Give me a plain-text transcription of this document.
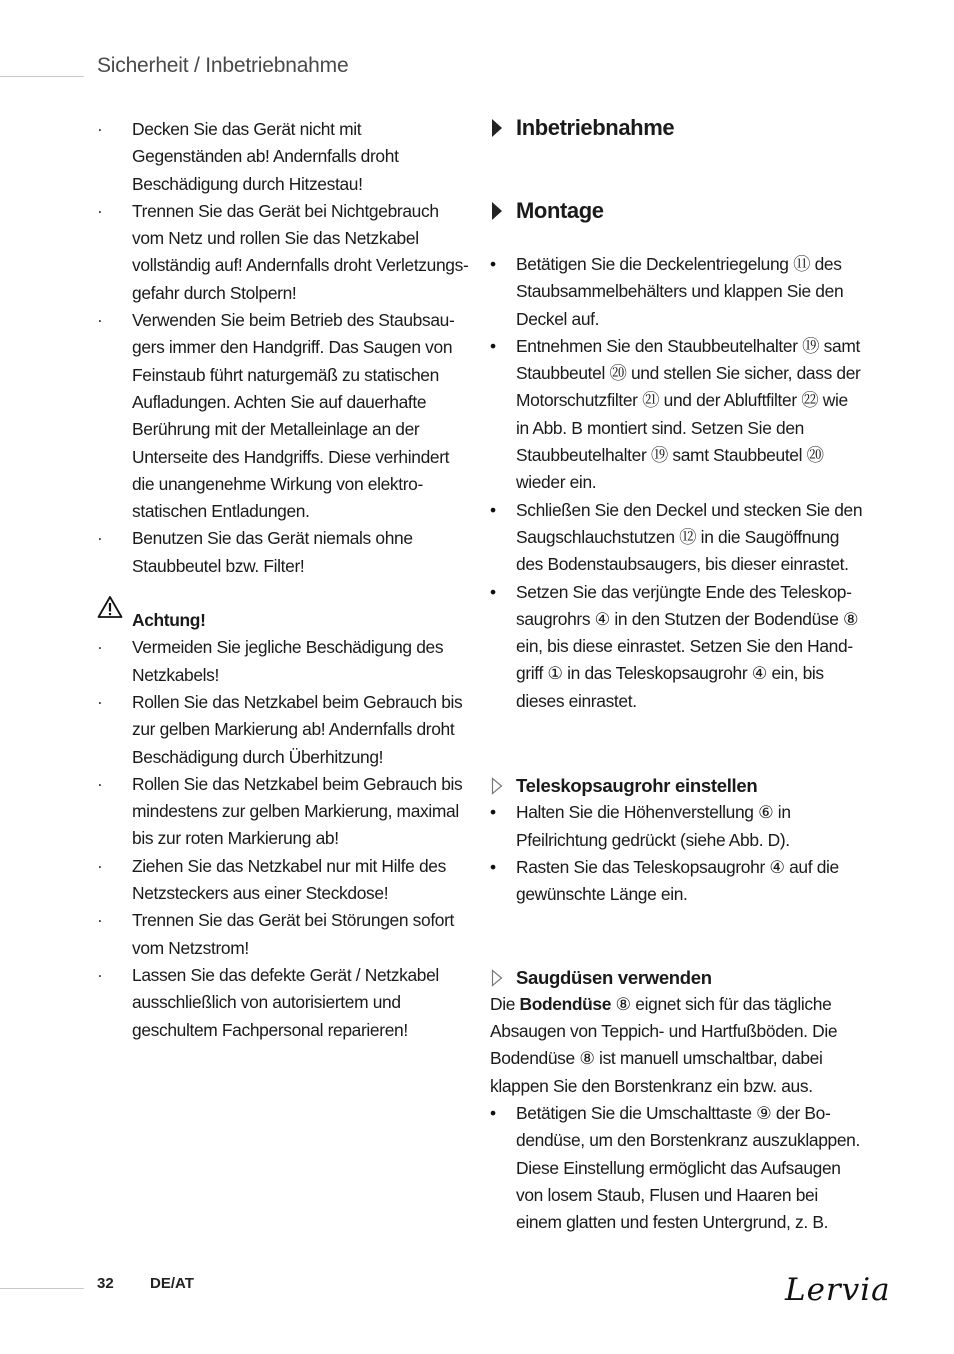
Sicherheit / Inbetriebnahme
· Decken Sie das Gerät nicht mit Gegenständen ab! Andernfalls droht Beschädigung durch Hitzestau!
· Trennen Sie das Gerät bei Nichtgebrauch vom Netz und rollen Sie das Netzkabel vollständig auf! Andernfalls droht Verletzungs-gefahr durch Stolpern!
· Verwenden Sie beim Betrieb des Staubsau-gers immer den Handgriff. Das Saugen von Feinstaub führt naturgemäß zu statischen Aufladungen. Achten Sie auf dauerhafte Berührung mit der Metalleinlage an der Unterseite des Handgriffs. Diese verhindert die unangenehme Wirkung von elektro-statischen Entladungen.
· Benutzen Sie das Gerät niemals ohne Staubbeutel bzw. Filter!
Achtung!
· Vermeiden Sie jegliche Beschädigung des Netzkabels!
· Rollen Sie das Netzkabel beim Gebrauch bis zur gelben Markierung ab! Andernfalls droht Beschädigung durch Überhitzung!
· Rollen Sie das Netzkabel beim Gebrauch bis mindestens zur gelben Markierung, maximal bis zur roten Markierung ab!
· Ziehen Sie das Netzkabel nur mit Hilfe des Netzsteckers aus einer Steckdose!
· Trennen Sie das Gerät bei Störungen sofort vom Netzstrom!
· Lassen Sie das defekte Gerät / Netzkabel ausschließlich von autorisiertem und geschultem Fachpersonal reparieren!
Inbetriebnahme
Montage
• Betätigen Sie die Deckelentriegelung ⑪ des Staubsammelbehälters und klappen Sie den Deckel auf.
• Entnehmen Sie den Staubbeutelhalter ⑲ samt Staubbeutel ⑳ und stellen Sie sicher, dass der Motorschutzfilter ㉑ und der Abluftfilter ㉒ wie in Abb. B montiert sind. Setzen Sie den Staubbeutelhalter ⑲ samt Staubbeutel ⑳ wieder ein.
• Schließen Sie den Deckel und stecken Sie den Saugschlauchstutzen ⑫ in die Saugöffnung des Bodenstaubsaugers, bis dieser einrastet.
• Setzen Sie das verjüngte Ende des Teleskop-saugrohrs ④ in den Stutzen der Bodendüse ⑧ ein, bis diese einrastet. Setzen Sie den Hand-griff ① in das Teleskopsaugrohr ④ ein, bis dieses einrastet.
Teleskopsaugrohr einstellen
• Halten Sie die Höhenverstellung ⑥ in Pfeilrichtung gedrückt (siehe Abb. D).
• Rasten Sie das Teleskopsaugrohr ④ auf die gewünschte Länge ein.
Saugdüsen verwenden

Die Bodendüse ⑧ eignet sich für das tägliche Absaugen von Teppich- und Hartfußböden. Die Bodendüse ⑧ ist manuell umschaltbar, dabei klappen Sie den Borstenkranz ein bzw. aus.

• Betätigen Sie die Umschalttaste ⑨ der Bo-dendüse, um den Borstenkranz auszuklappen. Diese Einstellung ermöglicht das Aufsaugen von losem Staub, Flusen und Haaren bei einem glatten und festen Untergrund, z. B.
32 DE/AT	Lervia
